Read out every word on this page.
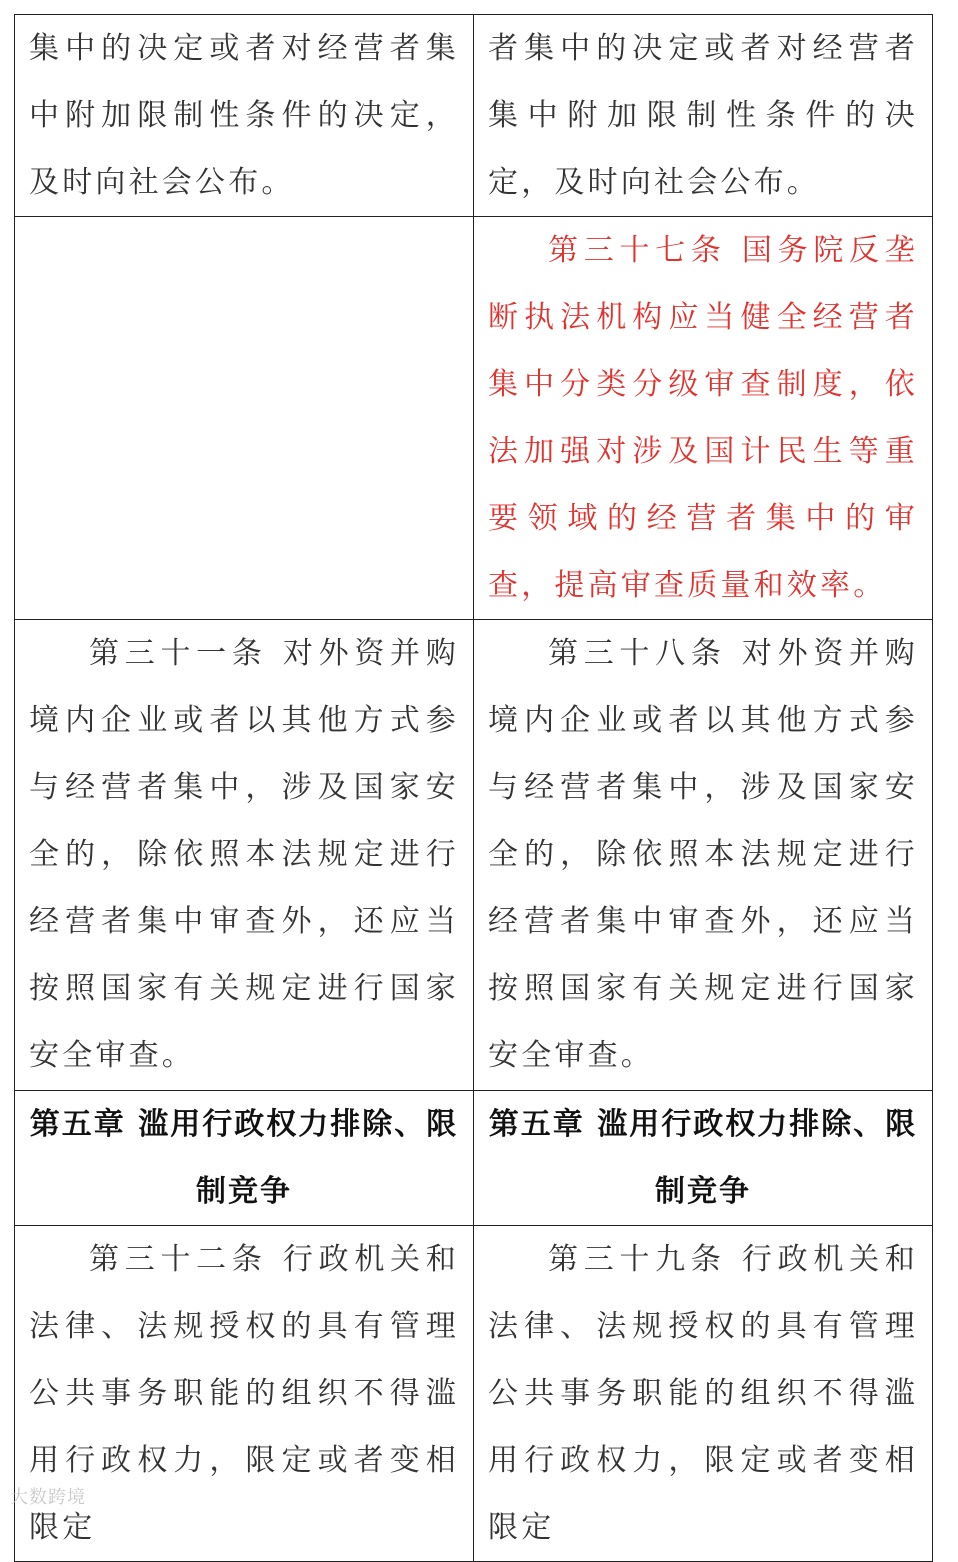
集中的决定或者对经营者集中附加限制性条件的决定，及时向社会公布。	者集中的决定或者对经营者集中附加限制性条件的决定，及时向社会公布。
	第三十七条 国务院反垄断执法机构应当健全经营者集中分类分级审查制度，依法加强对涉及国计民生等重要领域的经营者集中的审查，提高审查质量和效率。
第三十一条 对外资并购境内企业或者以其他方式参与经营者集中，涉及国家安全的，除依照本法规定进行经营者集中审查外，还应当按照国家有关规定进行国家安全审查。	第三十八条 对外资并购境内企业或者以其他方式参与经营者集中，涉及国家安全的，除依照本法规定进行经营者集中审查外，还应当按照国家有关规定进行国家安全审查。
第五章 滥用行政权力排除、限制竞争	第五章 滥用行政权力排除、限制竞争
第三十二条 行政机关和法律、法规授权的具有管理公共事务职能的组织不得滥用行政权力，限定或者变相限定	第三十九条 行政机关和法律、法规授权的具有管理公共事务职能的组织不得滥用行政权力，限定或者变相限定
大数跨境
